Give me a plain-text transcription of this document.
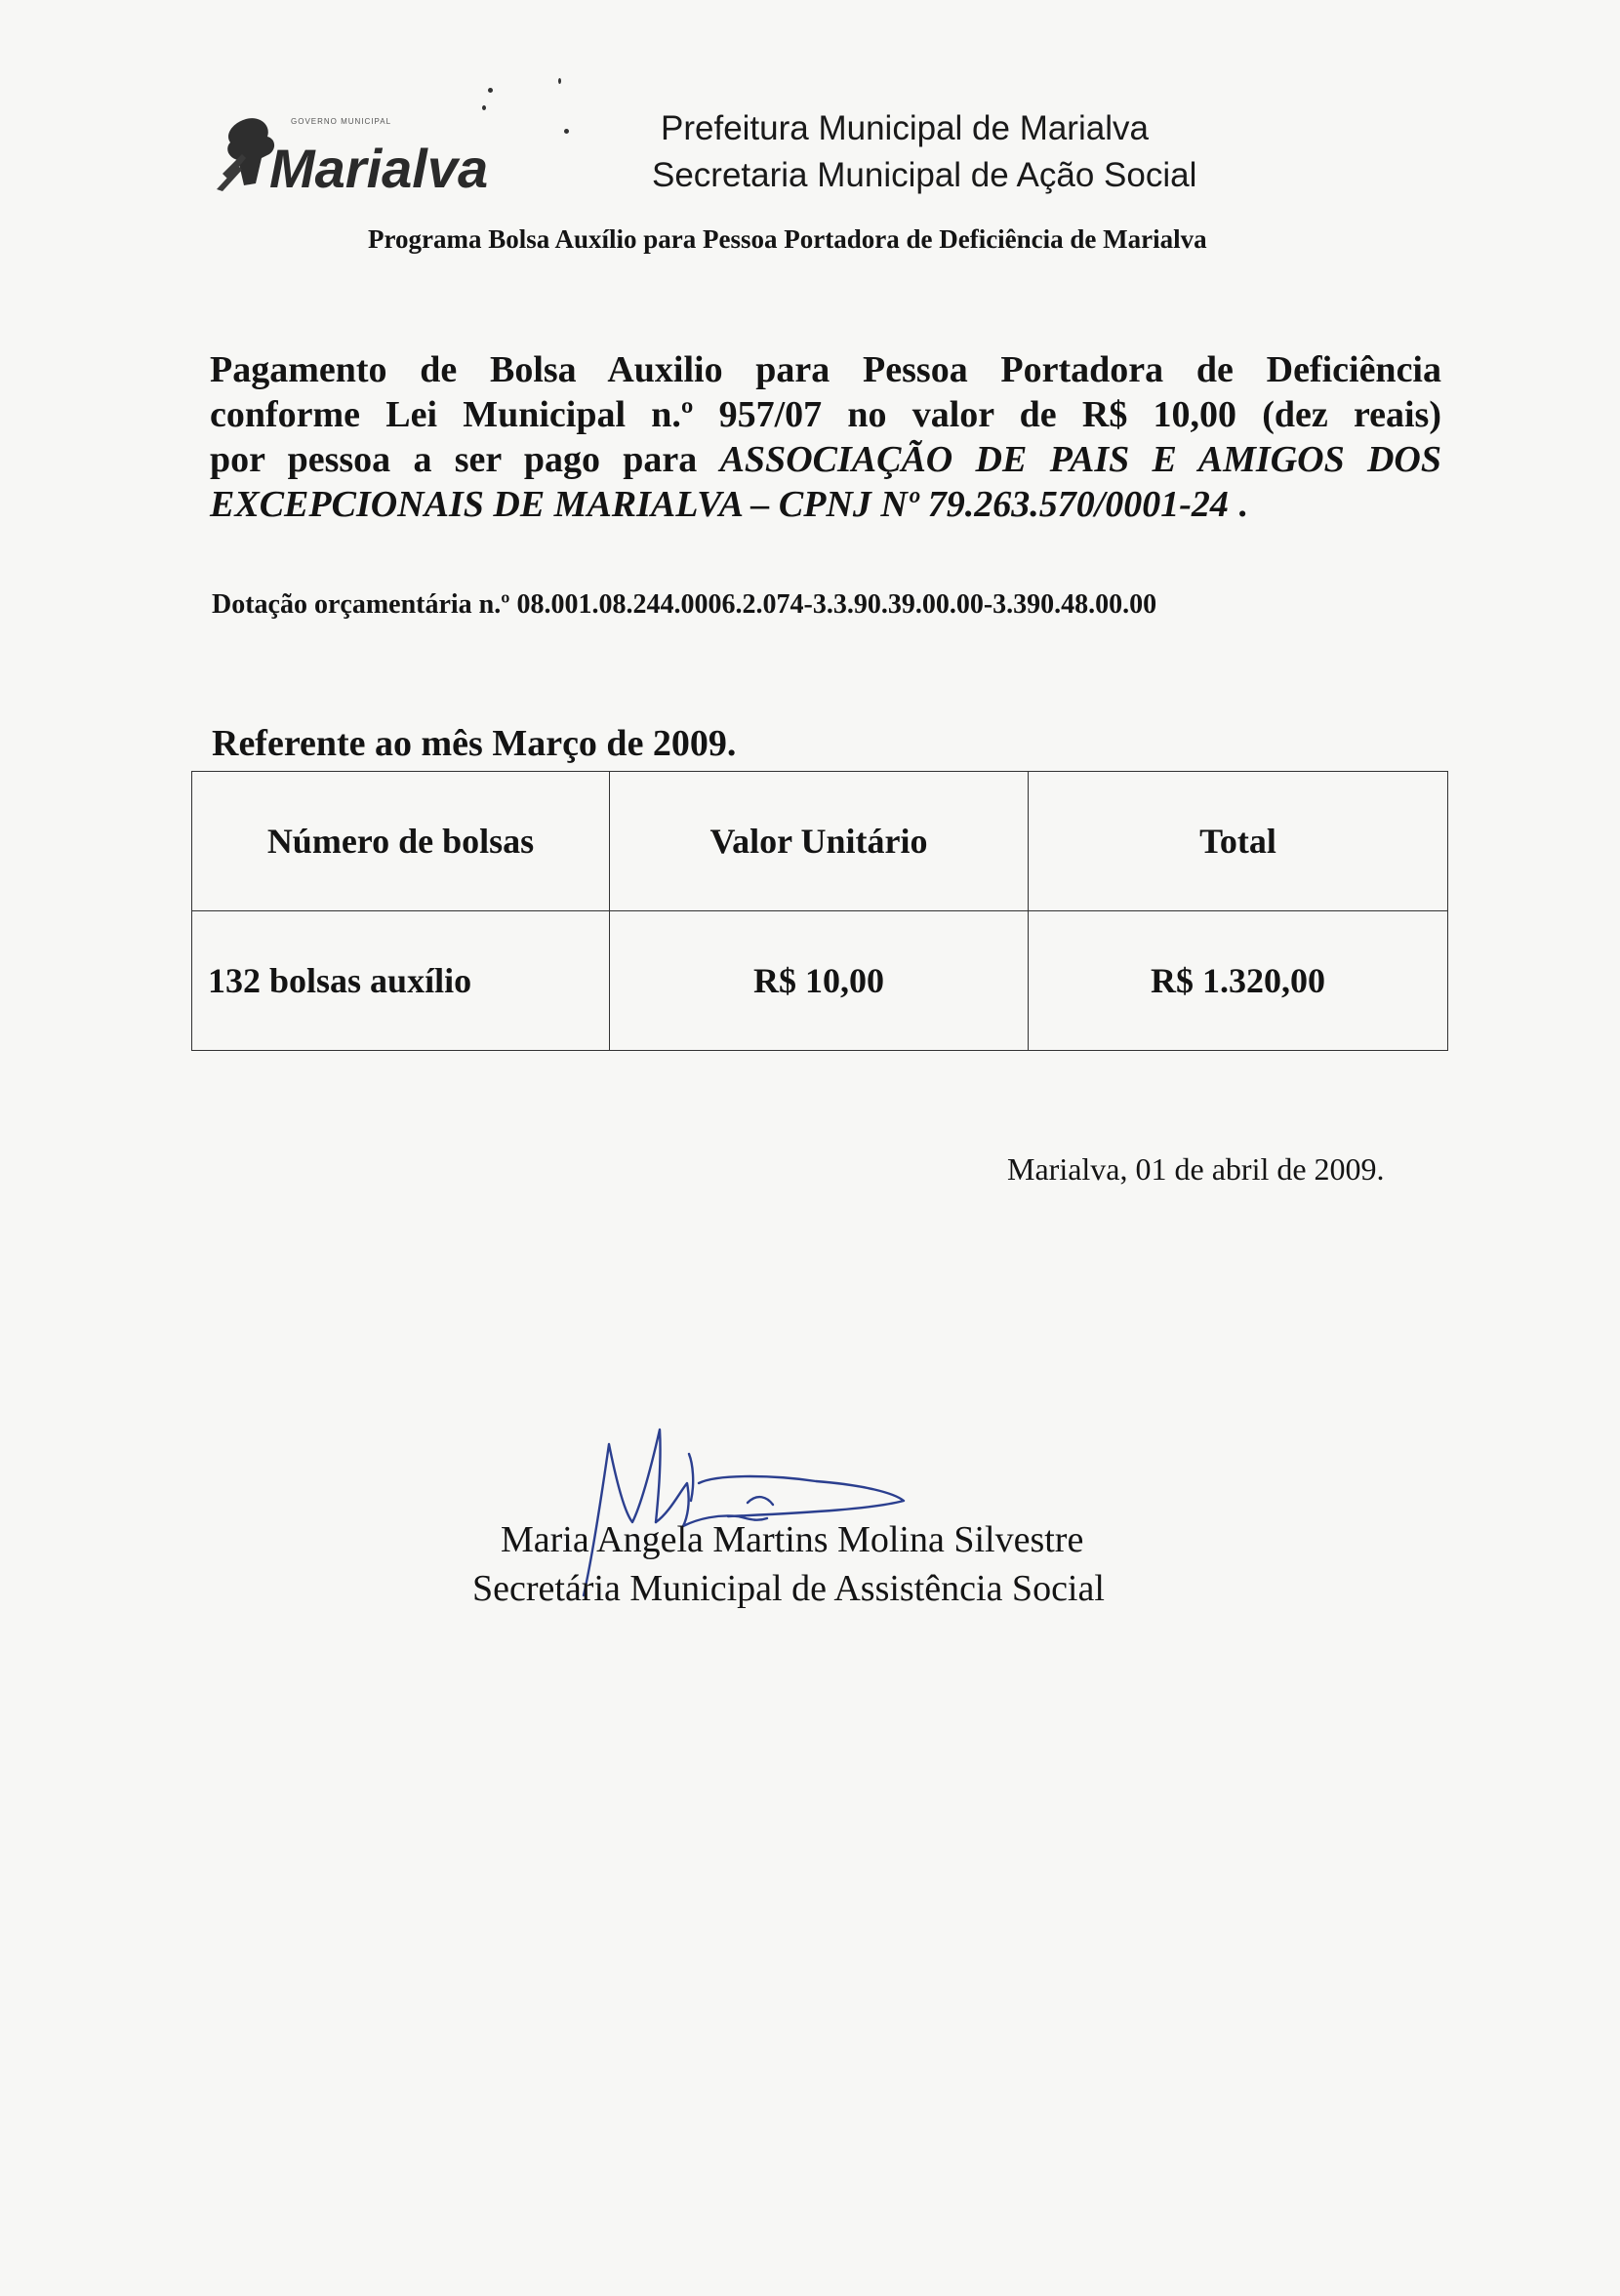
GOVERNO MUNICIPAL
Marialva
Prefeitura Municipal de Marialva
Secretaria Municipal de Ação Social
Programa Bolsa Auxílio para Pessoa Portadora de Deficiência de Marialva
Pagamento de Bolsa Auxilio para Pessoa Portadora de Deficiência
conforme Lei Municipal n.º 957/07 no valor de R$ 10,00 (dez reais)
por pessoa a ser pago para ASSOCIAÇÃO DE PAIS E AMIGOS DOS
EXCEPCIONAIS DE MARIALVA – CPNJ Nº 79.263.570/0001-24 .
Dotação orçamentária n.º 08.001.08.244.0006.2.074-3.3.90.39.00.00-3.390.48.00.00
Referente ao mês Março de 2009.
Número de bolsas	Valor Unitário	Total
132 bolsas auxílio	R$ 10,00	R$ 1.320,00
Marialva, 01 de abril de 2009.
Maria Angela Martins Molina Silvestre
Secretária Municipal de Assistência Social
